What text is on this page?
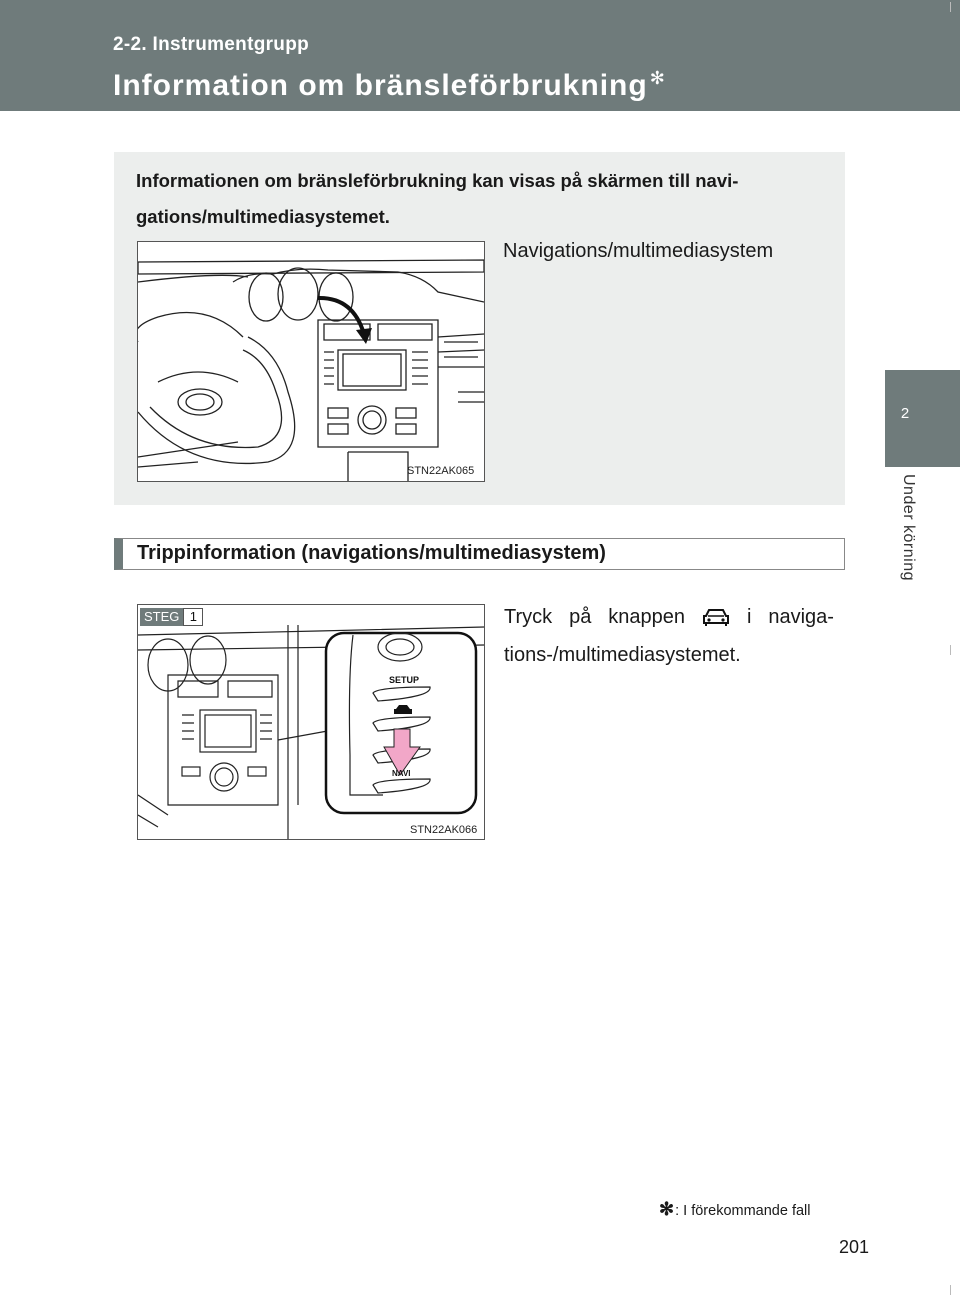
2-2. Instrumentgrupp
Information om bränsleförbrukning ✻
2
Under körning
Informationen om bränsleförbrukning kan visas på skärmen till navi-
gations/multimediasystemet.
STN22AK065
Navigations/multimediasystem
Trippinformation (navigations/multimediasystem)
SETUP
NAVI
STN22AK066
STEG 1	Tryck på knappen	i naviga-
tions-/multimediasystemet.
✻: I förekommande fall
201
